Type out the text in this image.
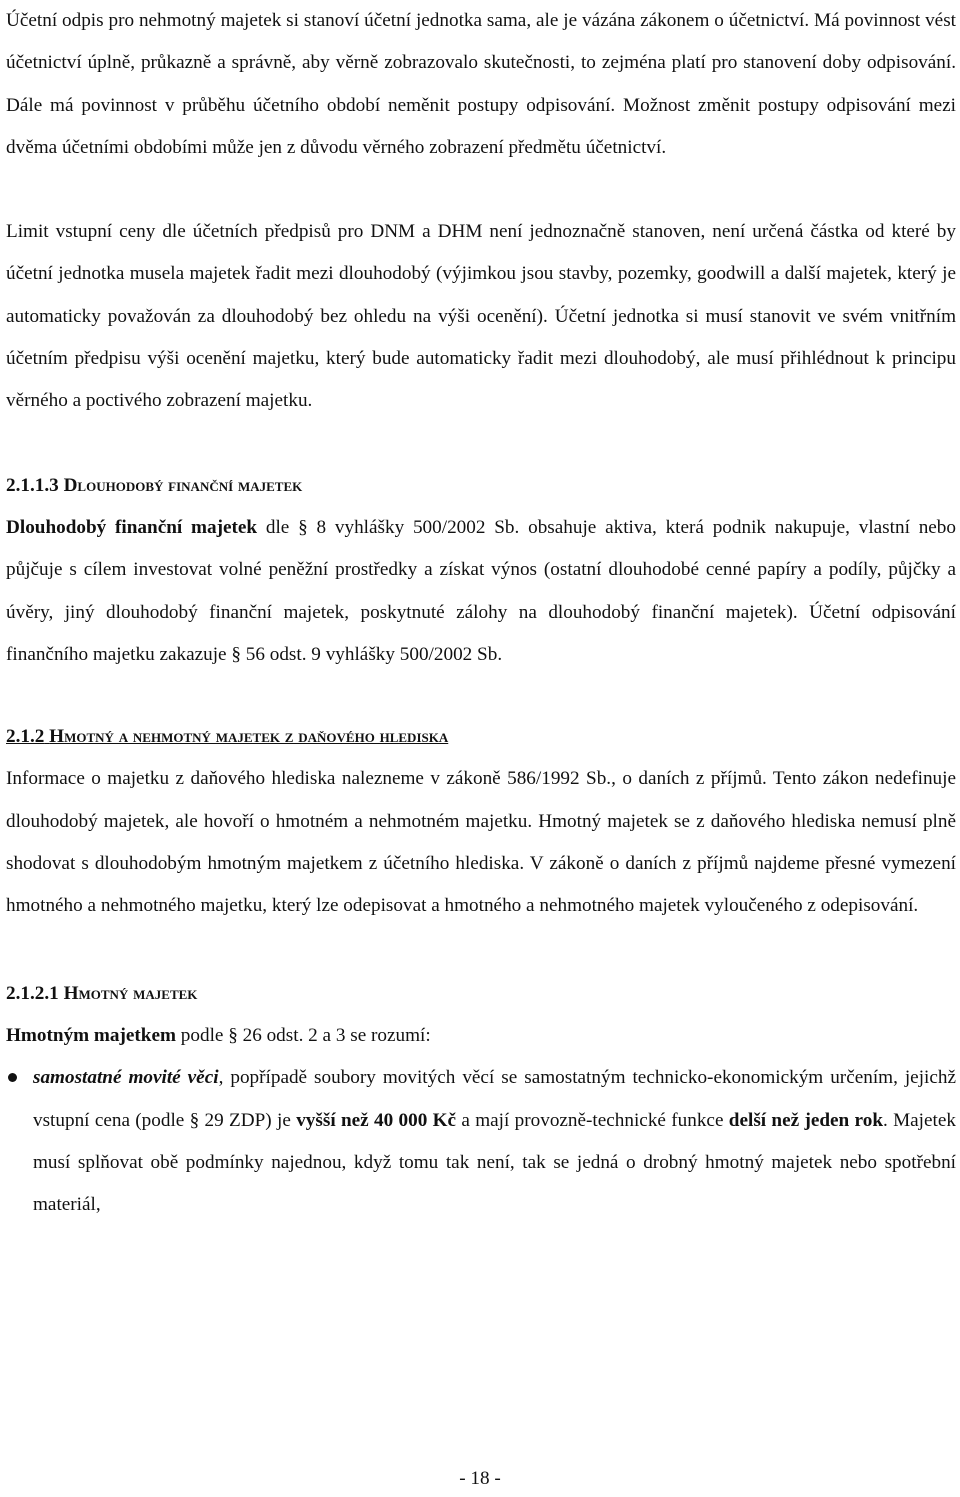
Účetní odpis pro nehmotný majetek si stanoví účetní jednotka sama, ale je vázána zákonem o účetnictví. Má povinnost vést účetnictví úplně, průkazně a správně, aby věrně zobrazovalo skutečnosti, to zejména platí pro stanovení doby odpisování. Dále má povinnost v průběhu účetního období neměnit postupy odpisování. Možnost změnit postupy odpisování mezi dvěma účetními obdobími může jen z důvodu věrného zobrazení předmětu účetnictví.

Limit vstupní ceny dle účetních předpisů pro DNM a DHM není jednoznačně stanoven, není určená částka od které by účetní jednotka musela majetek řadit mezi dlouhodobý (výjimkou jsou stavby, pozemky, goodwill a další majetek, který je automaticky považován za dlouhodobý bez ohledu na výši ocenění). Účetní jednotka si musí stanovit ve svém vnitřním účetním předpisu výši ocenění majetku, který bude automaticky řadit mezi dlouhodobý, ale musí přihlédnout k principu věrného a poctivého zobrazení majetku.

2.1.1.3 Dlouhodobý finanční majetek

Dlouhodobý finanční majetek dle § 8 vyhlášky 500/2002 Sb. obsahuje aktiva, která podnik nakupuje, vlastní nebo půjčuje s cílem investovat volné peněžní prostředky a získat výnos (ostatní dlouhodobé cenné papíry a podíly, půjčky a úvěry, jiný dlouhodobý finanční majetek, poskytnuté zálohy na dlouhodobý finanční majetek). Účetní odpisování finančního majetku zakazuje § 56 odst. 9 vyhlášky 500/2002 Sb.

2.1.2 Hmotný a nehmotný majetek z daňového hlediska

Informace o majetku z daňového hlediska nalezneme v zákoně 586/1992 Sb., o daních z příjmů. Tento zákon nedefinuje dlouhodobý majetek, ale hovoří o hmotném a nehmotném majetku. Hmotný majetek se z daňového hlediska nemusí plně shodovat s dlouhodobým hmotným majetkem z účetního hlediska. V zákoně o daních z příjmů najdeme přesné vymezení hmotného a nehmotného majetku, který lze odepisovat a hmotného a nehmotného majetek vyloučeného z odepisování.

2.1.2.1 Hmotný majetek

Hmotným majetkem podle § 26 odst. 2 a 3 se rozumí:

samostatné movité věci, popřípadě soubory movitých věcí se samostatným technicko-ekonomickým určením, jejichž vstupní cena (podle § 29 ZDP) je vyšší než 40 000 Kč a mají provozně-technické funkce delší než jeden rok. Majetek musí splňovat obě podmínky najednou, když tomu tak není, tak se jedná o drobný hmotný majetek nebo spotřební materiál,
- 18 -
